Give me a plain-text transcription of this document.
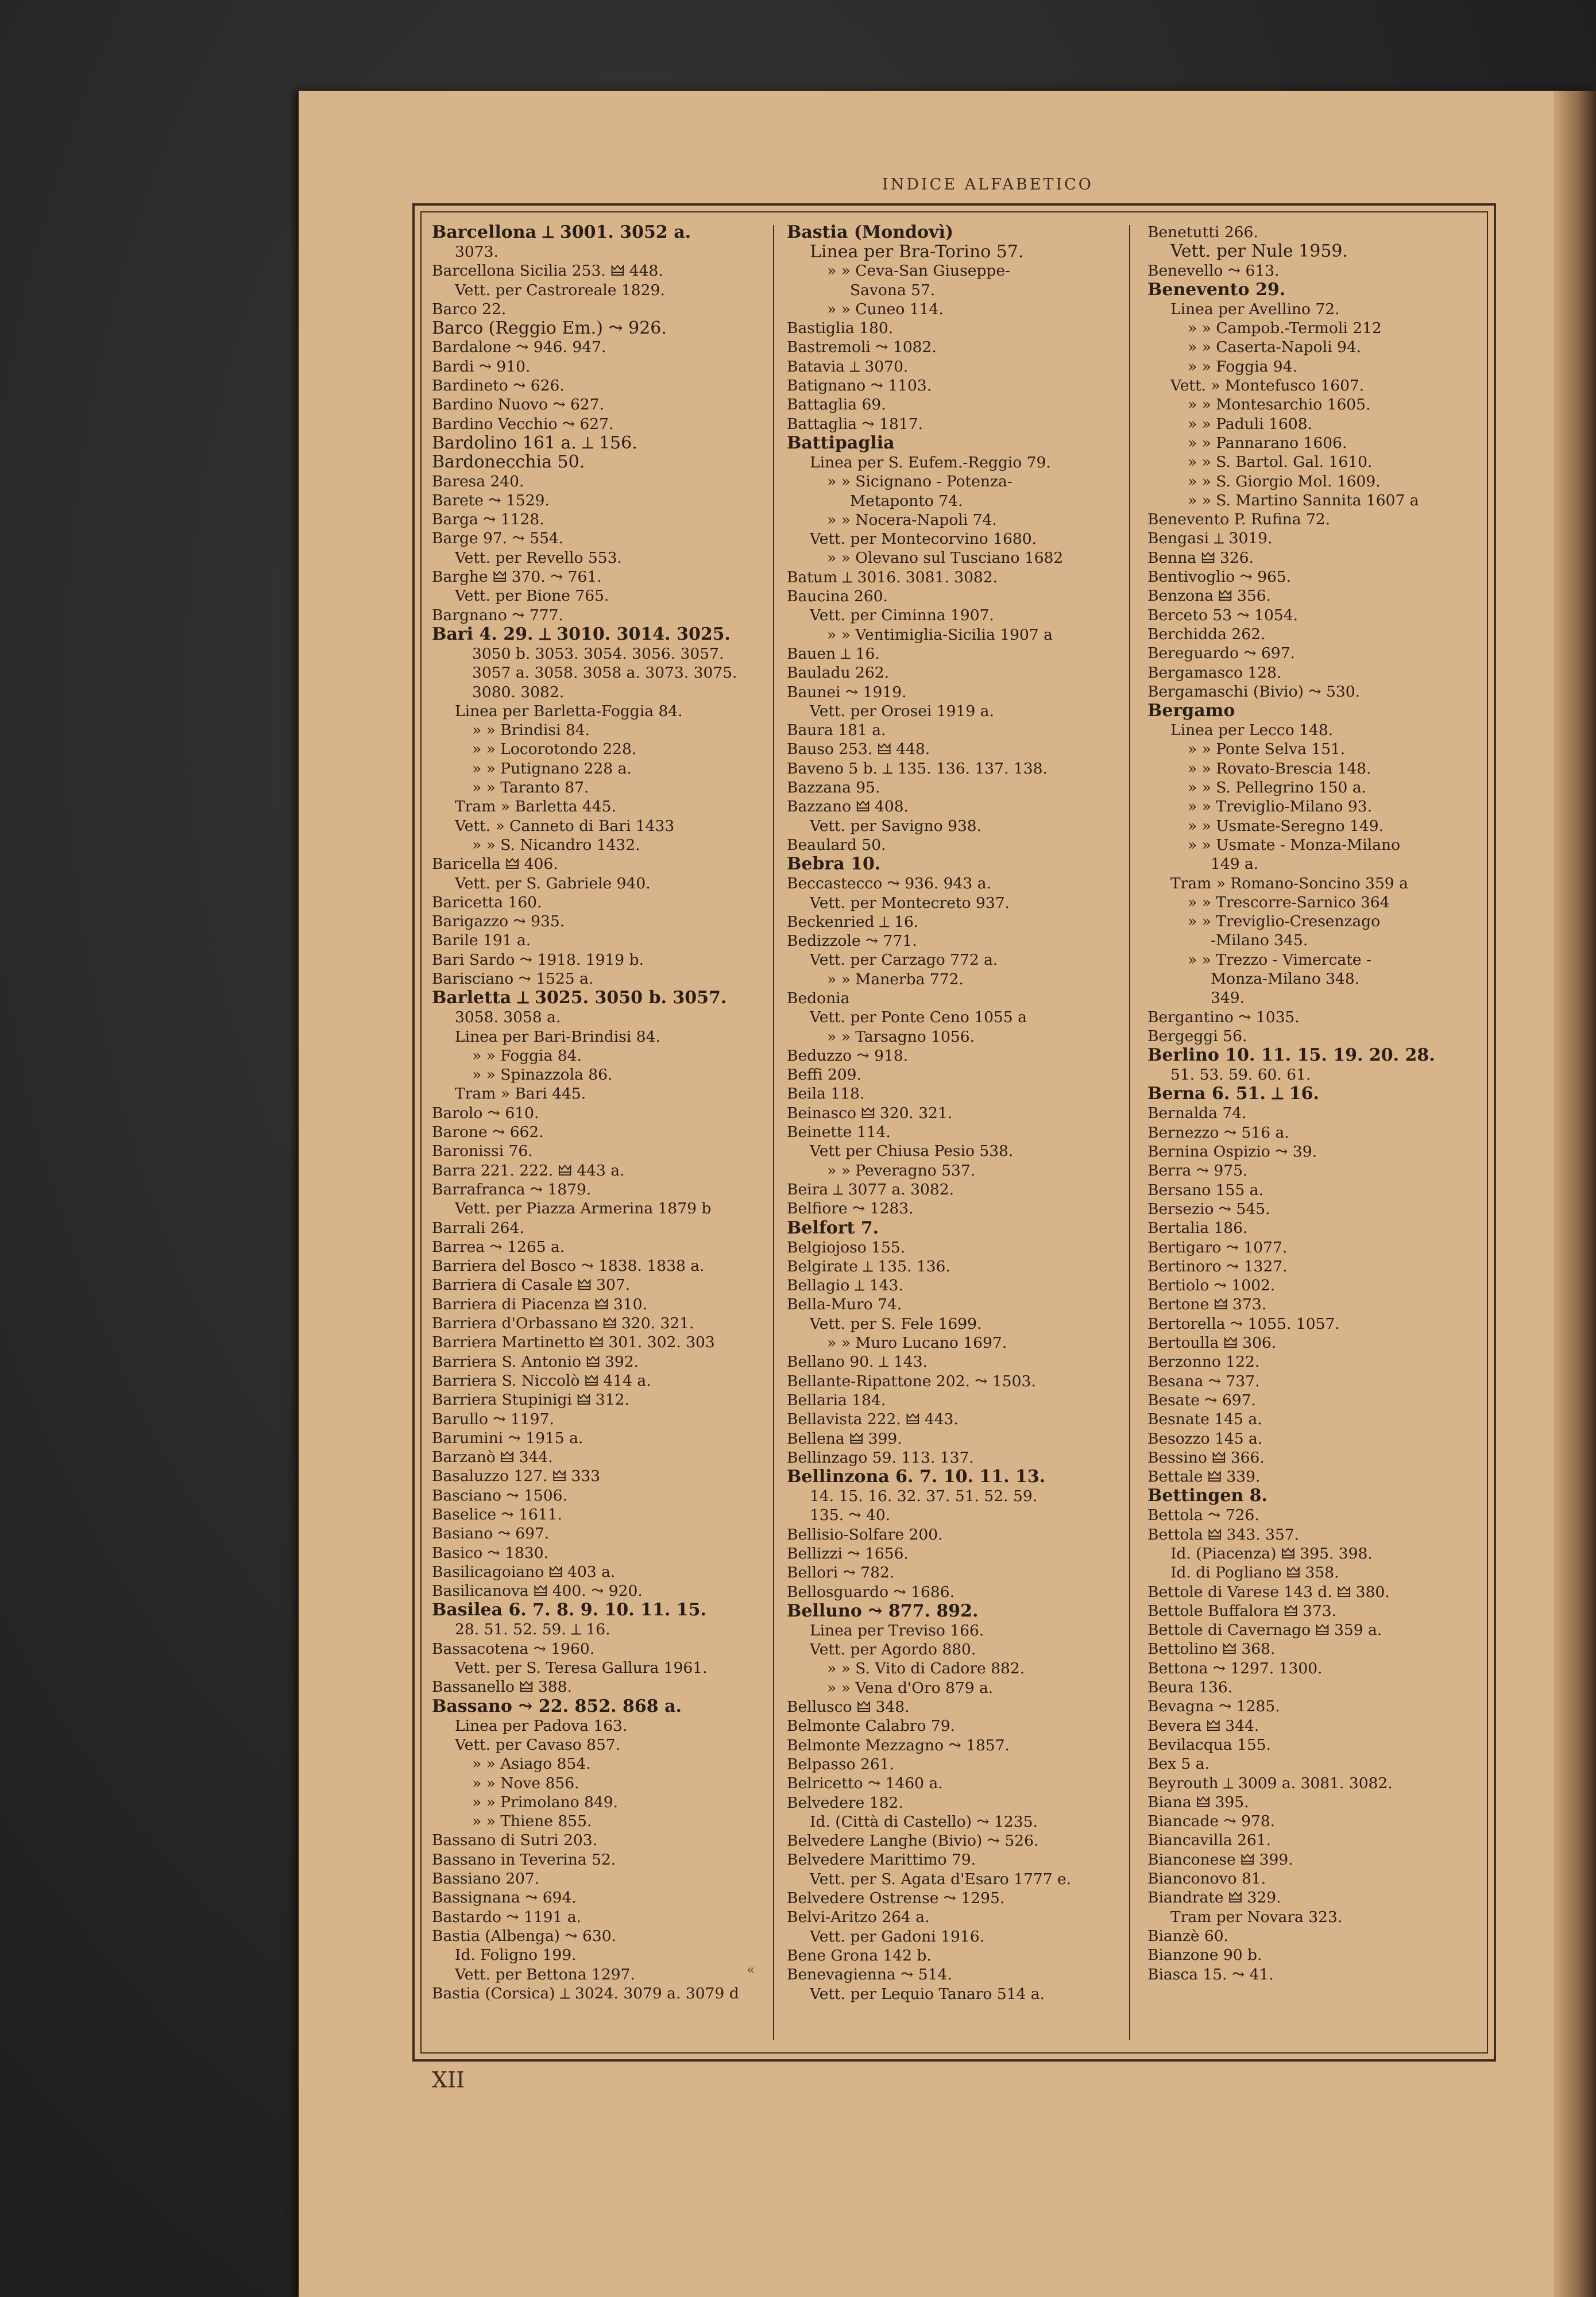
INDICE ALFABETICO
Barcellona ⟂ 3001. 3052 a.
3073.
Barcellona Sicilia 253. 🜲 448.
Vett. per Castroreale 1829.
Barco 22.
Barco (Reggio Em.) ⤳ 926.
Bardalone ⤳ 946. 947.
Bardi ⤳ 910.
Bardineto ⤳ 626.
Bardino Nuovo ⤳ 627.
Bardino Vecchio ⤳ 627.
Bardolino 161 a. ⟂ 156.
Bardonecchia 50.
Baresa 240.
Barete ⤳ 1529.
Barga ⤳ 1128.
Barge 97. ⤳ 554.
Vett. per Revello 553.
Barghe 🜲 370. ⤳ 761.
Vett. per Bione 765.
Bargnano ⤳ 777.
Bari 4. 29. ⟂ 3010. 3014. 3025.
3050 b. 3053. 3054. 3056. 3057.
3057 a. 3058. 3058 a. 3073. 3075.
3080. 3082.
Linea per Barletta-Foggia 84.
» » Brindisi 84.
» » Locorotondo 228.
» » Putignano 228 a.
» » Taranto 87.
Tram » Barletta 445.
Vett. » Canneto di Bari 1433
» » S. Nicandro 1432.
Baricella 🜲 406.
Vett. per S. Gabriele 940.
Baricetta 160.
Barigazzo ⤳ 935.
Barile 191 a.
Bari Sardo ⤳ 1918. 1919 b.
Barisciano ⤳ 1525 a.
Barletta ⟂ 3025. 3050 b. 3057.
3058. 3058 a.
Linea per Bari-Brindisi 84.
» » Foggia 84.
» » Spinazzola 86.
Tram » Bari 445.
Barolo ⤳ 610.
Barone ⤳ 662.
Baronissi 76.
Barra 221. 222. 🜲 443 a.
Barrafranca ⤳ 1879.
Vett. per Piazza Armerina 1879 b
Barrali 264.
Barrea ⤳ 1265 a.
Barriera del Bosco ⤳ 1838. 1838 a.
Barriera di Casale 🜲 307.
Barriera di Piacenza 🜲 310.
Barriera d'Orbassano 🜲 320. 321.
Barriera Martinetto 🜲 301. 302. 303
Barriera S. Antonio 🜲 392.
Barriera S. Niccolò 🜲 414 a.
Barriera Stupinigi 🜲 312.
Barullo ⤳ 1197.
Barumini ⤳ 1915 a.
Barzanò 🜲 344.
Basaluzzo 127. 🜲 333
Basciano ⤳ 1506.
Baselice ⤳ 1611.
Basiano ⤳ 697.
Basico ⤳ 1830.
Basilicagoiano 🜲 403 a.
Basilicanova 🜲 400. ⤳ 920.
Basilea 6. 7. 8. 9. 10. 11. 15.
28. 51. 52. 59. ⟂ 16.
Bassacotena ⤳ 1960.
Vett. per S. Teresa Gallura 1961.
Bassanello 🜲 388.
Bassano ⤳ 22. 852. 868 a.
Linea per Padova 163.
Vett. per Cavaso 857.
» » Asiago 854.
» » Nove 856.
» » Primolano 849.
» » Thiene 855.
Bassano di Sutri 203.
Bassano in Teverina 52.
Bassiano 207.
Bassignana ⤳ 694.
Bastardo ⤳ 1191 a.
Bastia (Albenga) ⤳ 630.
Id. Foligno 199.
Vett. per Bettona 1297.
Bastia (Corsica) ⟂ 3024. 3079 a. 3079 d
Bastia (Mondovì)
Linea per Bra-Torino 57.
» » Ceva-San Giuseppe-
Savona 57.
» » Cuneo 114.
Bastiglia 180.
Bastremoli ⤳ 1082.
Batavia ⟂ 3070.
Batignano ⤳ 1103.
Battaglia 69.
Battaglia ⤳ 1817.
Battipaglia
Linea per S. Eufem.-Reggio 79.
» » Sicignano - Potenza-
Metaponto 74.
» » Nocera-Napoli 74.
Vett. per Montecorvino 1680.
» » Olevano sul Tusciano 1682
Batum ⟂ 3016. 3081. 3082.
Baucina 260.
Vett. per Ciminna 1907.
» » Ventimiglia-Sicilia 1907 a
Bauen ⟂ 16.
Bauladu 262.
Baunei ⤳ 1919.
Vett. per Orosei 1919 a.
Baura 181 a.
Bauso 253. 🜲 448.
Baveno 5 b. ⟂ 135. 136. 137. 138.
Bazzana 95.
Bazzano 🜲 408.
Vett. per Savigno 938.
Beaulard 50.
Bebra 10.
Beccastecco ⤳ 936. 943 a.
Vett. per Montecreto 937.
Beckenried ⟂ 16.
Bedizzole ⤳ 771.
Vett. per Carzago 772 a.
» » Manerba 772.
Bedonia
Vett. per Ponte Ceno 1055 a
» » Tarsagno 1056.
Beduzzo ⤳ 918.
Beffi 209.
Beila 118.
Beinasco 🜲 320. 321.
Beinette 114.
Vett per Chiusa Pesio 538.
» » Peveragno 537.
Beira ⟂ 3077 a. 3082.
Belfiore ⤳ 1283.
Belfort 7.
Belgiojoso 155.
Belgirate ⟂ 135. 136.
Bellagio ⟂ 143.
Bella-Muro 74.
Vett. per S. Fele 1699.
» » Muro Lucano 1697.
Bellano 90. ⟂ 143.
Bellante-Ripattone 202. ⤳ 1503.
Bellaria 184.
Bellavista 222. 🜲 443.
Bellena 🜲 399.
Bellinzago 59. 113. 137.
Bellinzona 6. 7. 10. 11. 13.
14. 15. 16. 32. 37. 51. 52. 59.
135. ⤳ 40.
Bellisio-Solfare 200.
Bellizzi ⤳ 1656.
Bellori ⤳ 782.
Bellosguardo ⤳ 1686.
Belluno ⤳ 877. 892.
Linea per Treviso 166.
Vett. per Agordo 880.
» » S. Vito di Cadore 882.
» » Vena d'Oro 879 a.
Bellusco 🜲 348.
Belmonte Calabro 79.
Belmonte Mezzagno ⤳ 1857.
Belpasso 261.
Belricetto ⤳ 1460 a.
Belvedere 182.
Id. (Città di Castello) ⤳ 1235.
Belvedere Langhe (Bivio) ⤳ 526.
Belvedere Marittimo 79.
Vett. per S. Agata d'Esaro 1777 e.
Belvedere Ostrense ⤳ 1295.
Belvi-Aritzo 264 a.
Vett. per Gadoni 1916.
Bene Grona 142 b.
Benevagienna ⤳ 514.
Vett. per Lequio Tanaro 514 a.
Benetutti 266.
Vett. per Nule 1959.
Benevello ⤳ 613.
Benevento 29.
Linea per Avellino 72.
» » Campob.-Termoli 212
» » Caserta-Napoli 94.
» » Foggia 94.
Vett. » Montefusco 1607.
» » Montesarchio 1605.
» » Paduli 1608.
» » Pannarano 1606.
» » S. Bartol. Gal. 1610.
» » S. Giorgio Mol. 1609.
» » S. Martino Sannita 1607 a
Benevento P. Rufina 72.
Bengasi ⟂ 3019.
Benna 🜲 326.
Bentivoglio ⤳ 965.
Benzona 🜲 356.
Berceto 53 ⤳ 1054.
Berchidda 262.
Bereguardo ⤳ 697.
Bergamasco 128.
Bergamaschi (Bivio) ⤳ 530.
Bergamo
Linea per Lecco 148.
» » Ponte Selva 151.
» » Rovato-Brescia 148.
» » S. Pellegrino 150 a.
» » Treviglio-Milano 93.
» » Usmate-Seregno 149.
» » Usmate - Monza-Milano
149 a.
Tram » Romano-Soncino 359 a
» » Trescorre-Sarnico 364
» » Treviglio-Cresenzago
-Milano 345.
» » Trezzo - Vimercate -
Monza-Milano 348.
349.
Bergantino ⤳ 1035.
Bergeggi 56.
Berlino 10. 11. 15. 19. 20. 28.
51. 53. 59. 60. 61.
Berna 6. 51. ⟂ 16.
Bernalda 74.
Bernezzo ⤳ 516 a.
Bernina Ospizio ⤳ 39.
Berra ⤳ 975.
Bersano 155 a.
Bersezio ⤳ 545.
Bertalia 186.
Bertigaro ⤳ 1077.
Bertinoro ⤳ 1327.
Bertiolo ⤳ 1002.
Bertone 🜲 373.
Bertorella ⤳ 1055. 1057.
Bertoulla 🜲 306.
Berzonno 122.
Besana ⤳ 737.
Besate ⤳ 697.
Besnate 145 a.
Besozzo 145 a.
Bessino 🜲 366.
Bettale 🜲 339.
Bettingen 8.
Bettola ⤳ 726.
Bettola 🜲 343. 357.
Id. (Piacenza) 🜲 395. 398.
Id. di Pogliano 🜲 358.
Bettole di Varese 143 d. 🜲 380.
Bettole Buffalora 🜲 373.
Bettole di Cavernago 🜲 359 a.
Bettolino 🜲 368.
Bettona ⤳ 1297. 1300.
Beura 136.
Bevagna ⤳ 1285.
Bevera 🜲 344.
Bevilacqua 155.
Bex 5 a.
Beyrouth ⟂ 3009 a. 3081. 3082.
Biana 🜲 395.
Biancade ⤳ 978.
Biancavilla 261.
Bianconese 🜲 399.
Bianconovo 81.
Biandrate 🜲 329.
Tram per Novara 323.
Bianzè 60.
Bianzone 90 b.
Biasca 15. ⤳ 41.
«
XII
